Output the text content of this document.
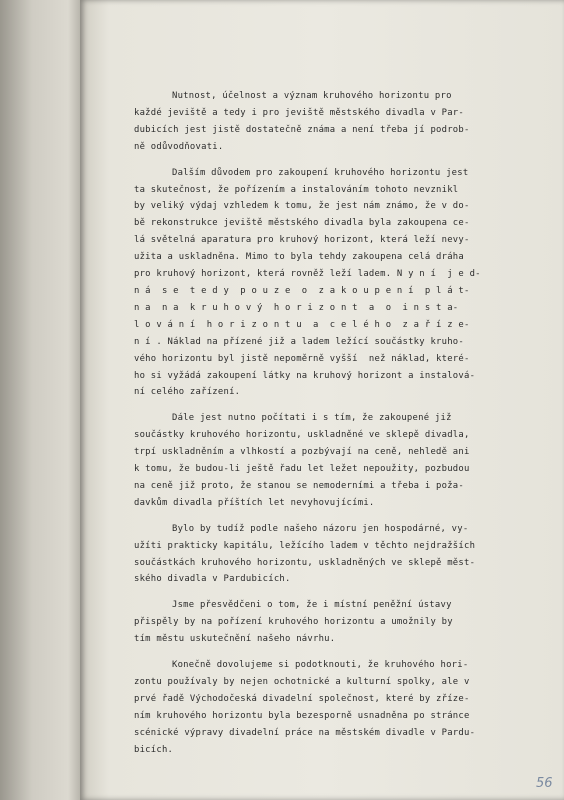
Nutnost, účelnost a význam kruhového horizontu pro
každé jeviště a tedy i pro jeviště městského divadla v Par-
dubicích jest jistě dostatečně známa a není třeba jí podrob-
ně odůvodňovati.
Dalším důvodem pro zakoupení kruhového horizontu jest
ta skutečnost, že pořízením a instalováním tohoto nevznikl
by veliký výdaj vzhledem k tomu, že jest nám známo, že v do-
bě rekonstrukce jeviště městského divadla byla zakoupena ce-
lá světelná aparatura pro kruhový horizont, která leží nevy-
užita a uskladněna. Mimo to byla tehdy zakoupena celá dráha
pro kruhový horizont, která rovněž leží ladem. N y n í  j e d-
n á  s e  t e d y  p o u z e  o  z a k o u p e n í  p l á t-
n a  n a  k r u h o v ý  h o r i z o n t  a  o  i n s t a-
l o v á n í  h o r i z o n t u  a  c e l é h o  z a ř í z e-
n í . Náklad na přízené již a ladem ležící součástky kruho-
vého horizontu byl jistě nepoměrně vyšší  než náklad, které-
ho si vyžádá zakoupení látky na kruhový horizont a instalová-
ní celého zařízení.
Dále jest nutno počítati i s tím, že zakoupené již
součástky kruhového horizontu, uskladněné ve sklepě divadla,
trpí uskladněním a vlhkostí a pozbývají na ceně, nehledě ani
k tomu, že budou-li ještě řadu let ležet nepoužity, pozbudou
na ceně již proto, že stanou se nemoderními a třeba i poža-
davkům divadla příštích let nevyhovujícími.
Bylo by tudíž podle našeho názoru jen hospodárné, vy-
užíti prakticky kapitálu, ležícího ladem v těchto nejdražších
součástkách kruhového horizontu, uskladněných ve sklepě měst-
ského divadla v Pardubicích.
Jsme přesvědčeni o tom, že i místní peněžní ústavy
přispěly by na pořízení kruhového horizontu a umožnily by
tím městu uskutečnění našeho návrhu.
Konečně dovolujeme si podotknouti, že kruhového hori-
zontu používaly by nejen ochotnické a kulturní spolky, ale v
prvé řadě Východočeská divadelní společnost, které by zříze-
ním kruhového horizontu byla bezesporně usnadněna po stránce
scénické výpravy divadelní práce na městském divadle v Pardu-
bicích.
56
